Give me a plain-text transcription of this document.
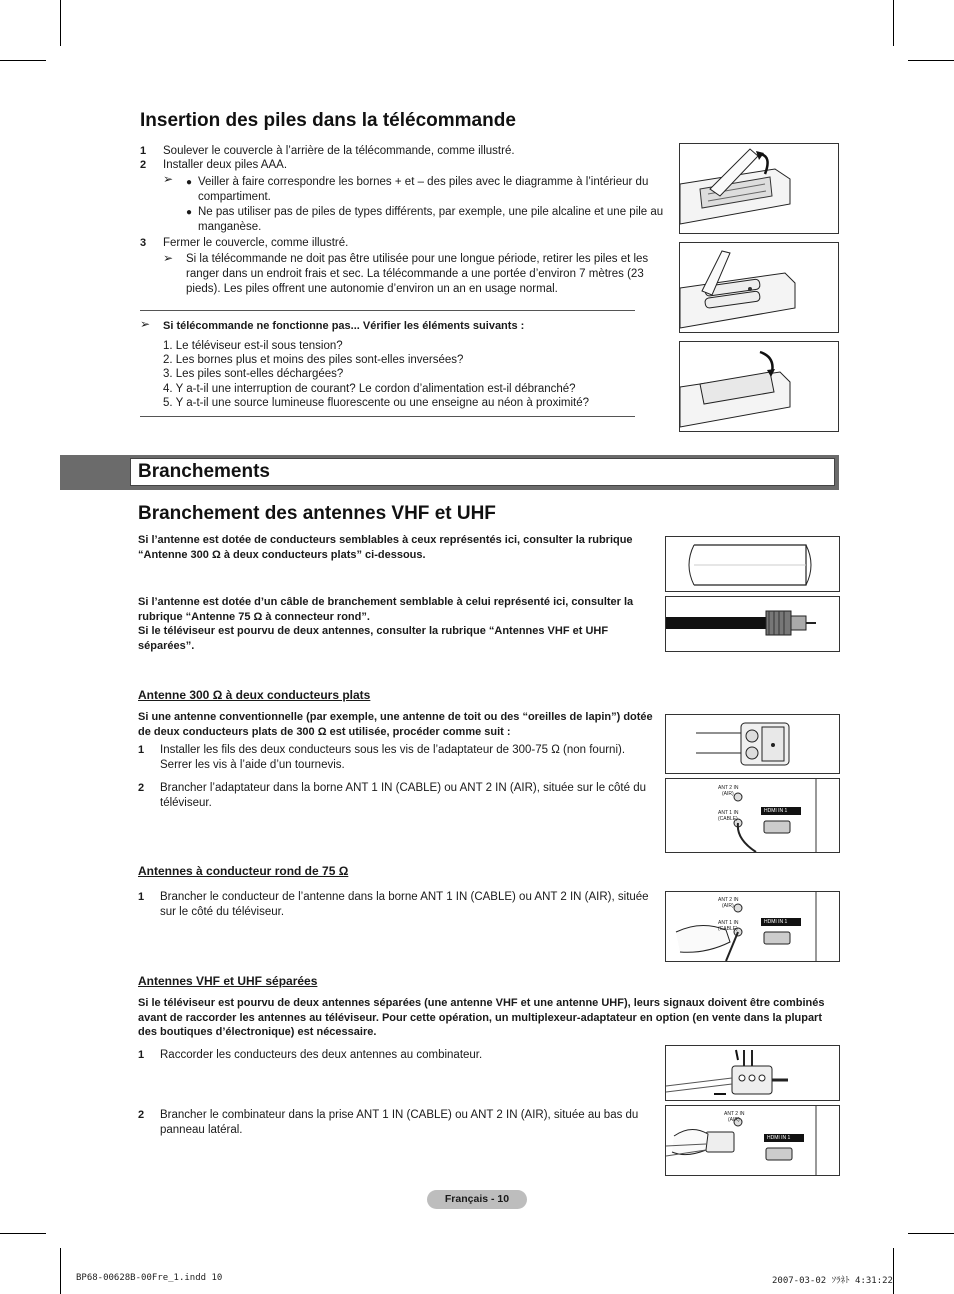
Insertion des piles dans la télécommande
1 Soulever le couvercle à l’arrière de la télécommande, comme illustré.

2 Installer deux piles AAA.

➢ ● Veiller à faire correspondre les bornes + et – des piles avec le diagramme à l’intérieur du compartiment.

● Ne pas utiliser pas de piles de types différents, par exemple, une pile alcaline et une pile au manganèse.

3 Fermer le couvercle, comme illustré.

➢ Si la télécommande ne doit pas être utilisée pour une longue période, retirer les piles et les ranger dans un endroit frais et sec. La télécommande a une portée d’environ 7 mètres (23 pieds). Les piles offrent une autonomie d’environ un an en usage normal.

➢ Si télécommande ne fonctionne pas... Vérifier les éléments suivants :

1. Le téléviseur est-il sous tension?

2. Les bornes plus et moins des piles sont-elles inversées?

3. Les piles sont-elles déchargées?

4. Y a-t-il une interruption de courant? Le cordon d’alimentation est-il débranché?

5. Y a-t-il une source lumineuse fluorescente ou une enseigne au néon à proximité?

Branchements
Branchement des antennes VHF et UHF

Si l’antenne est dotée de conducteurs semblables à ceux représentés ici, consulter la rubrique “Antenne 300 Ω à deux conducteurs plats” ci-dessous.

Si l’antenne est dotée d’un câble de branchement semblable à celui représenté ici, consulter la rubrique “Antenne 75 Ω à connecteur rond”.

Si le téléviseur est pourvu de deux antennes, consulter la rubrique “Antennes VHF et UHF séparées”.

Antenne 300 Ω à deux conducteurs plats

Si une antenne conventionnelle (par exemple, une antenne de toit ou des “oreilles de lapin”) dotée de deux conducteurs plats de 300 Ω est utilisée, procéder comme suit :

1 Installer les fils des deux conducteurs sous les vis de l’adaptateur de 300-75 Ω (non fourni). Serrer les vis à l’aide d’un tournevis.

2 Brancher l’adaptateur dans la borne ANT 1 IN (CABLE) ou ANT 2 IN (AIR), située sur le côté du téléviseur.

ANT 2 IN
(AIR)
ANT 1 IN
(CABLE)
HDMI IN 1

Antennes à conducteur rond de 75 Ω

1 Brancher le conducteur de l’antenne dans la borne ANT 1 IN (CABLE) ou ANT 2 IN (AIR), située sur le côté du téléviseur.

ANT 2 IN
(AIR)
ANT 1 IN
(CABLE)
HDMI IN 1

Antennes VHF et UHF séparées

Si le téléviseur est pourvu de deux antennes séparées (une antenne VHF et une antenne UHF), leurs signaux doivent être combinés avant de raccorder les antennes au téléviseur. Pour cette opération, un multiplexeur-adaptateur en option (en vente dans la plupart des boutiques d’électronique) est nécessaire.

1 Raccorder les conducteurs des deux antennes au combinateur.

2 Brancher le combinateur dans la prise ANT 1 IN (CABLE) ou ANT 2 IN (AIR), située au bas du panneau latéral.

ANT 2 IN
(AIR)
HDMI IN 1
Français - 10
BP68-00628B-00Fre_1.indd 10	2007-03-02 ｿﾗﾈﾄ 4:31:22
